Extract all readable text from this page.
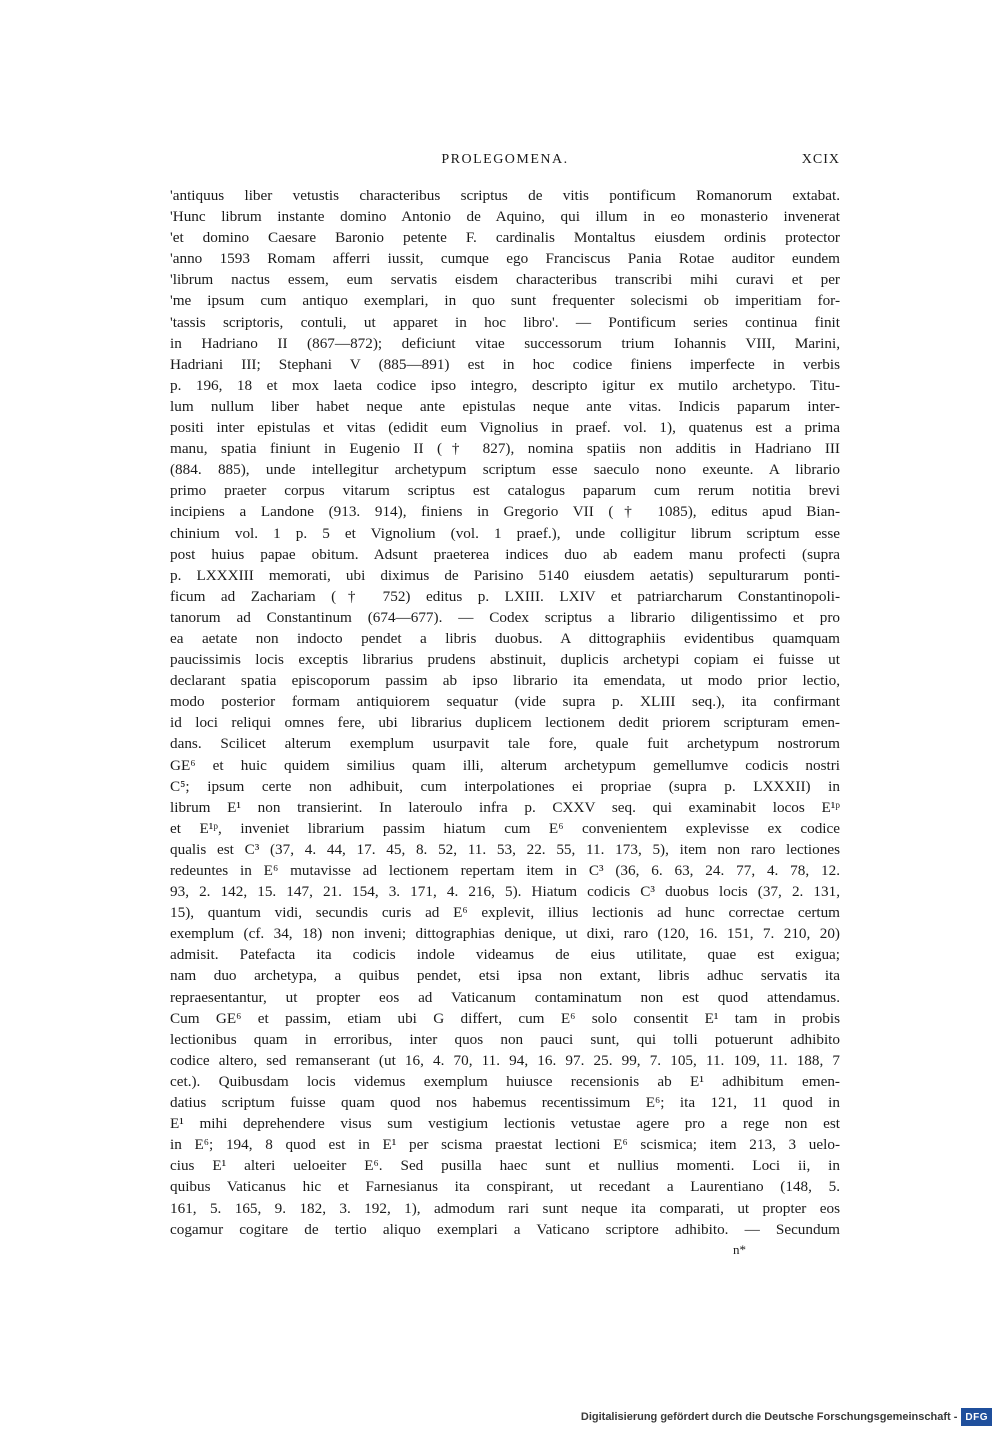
PROLEGOMENA.	XCIX
'antiquus liber vetustis characteribus scriptus de vitis pontificum Romanorum extabat.
'Hunc librum instante domino Antonio de Aquino, qui illum in eo monasterio invenerat
'et domino Caesare Baronio petente F. cardinalis Montaltus eiusdem ordinis protector
'anno 1593 Romam afferri iussit, cumque ego Franciscus Pania Rotae auditor eundem
'librum nactus essem, eum servatis eisdem characteribus transcribi mihi curavi et per
'me ipsum cum antiquo exemplari, in quo sunt frequenter solecismi ob imperitiam for-
'tassis scriptoris, contuli, ut apparet in hoc libro'. — Pontificum series continua finit
in Hadriano II (867—872); deficiunt vitae successorum trium Iohannis VIII, Marini,
Hadriani III; Stephani V (885—891) est in hoc codice finiens imperfecte in verbis
p. 196, 18 et mox laeta codice ipso integro, descripto igitur ex mutilo archetypo. Titu-
lum nullum liber habet neque ante epistulas neque ante vitas. Indicis paparum inter-
positi inter epistulas et vitas (edidit eum Vignolius in praef. vol. 1), quatenus est a prima
manu, spatia finiunt in Eugenio II († 827), nomina spatiis non additis in Hadriano III
(884. 885), unde intellegitur archetypum scriptum esse saeculo nono exeunte. A librario
primo praeter corpus vitarum scriptus est catalogus paparum cum rerum notitia brevi
incipiens a Landone (913. 914), finiens in Gregorio VII († 1085), editus apud Bian-
chinium vol. 1 p. 5 et Vignolium (vol. 1 praef.), unde colligitur librum scriptum esse
post huius papae obitum. Adsunt praeterea indices duo ab eadem manu profecti (supra
p. LXXXIII memorati, ubi diximus de Parisino 5140 eiusdem aetatis) sepulturarum ponti-
ficum ad Zachariam († 752) editus p. LXIII. LXIV et patriarcharum Constantinopoli-
tanorum ad Constantinum (674—677). — Codex scriptus a librario diligentissimo et pro
ea aetate non indocto pendet a libris duobus. A dittographiis evidentibus quamquam
paucissimis locis exceptis librarius prudens abstinuit, duplicis archetypi copiam ei fuisse ut
declarant spatia episcoporum passim ab ipso librario ita emendata, ut modo prior lectio,
modo posterior formam antiquiorem sequatur (vide supra p. XLIII seq.), ita confirmant
id loci reliqui omnes fere, ubi librarius duplicem lectionem dedit priorem scripturam emen-
dans. Scilicet alterum exemplum usurpavit tale fore, quale fuit archetypum nostrorum
GE⁶ et huic quidem similius quam illi, alterum archetypum gemellumve codicis nostri
C⁵; ipsum certe non adhibuit, cum interpolationes ei propriae (supra p. LXXXII) in
librum E¹ non transierint. In lateroulo infra p. CXXV seq. qui examinabit locos E¹ᵖ
et E¹ᵖ, inveniet librarium passim hiatum cum E⁶ convenientem explevisse ex codice
qualis est C³ (37, 4. 44, 17. 45, 8. 52, 11. 53, 22. 55, 11. 173, 5), item non raro lectiones
redeuntes in E⁶ mutavisse ad lectionem repertam item in C³ (36, 6. 63, 24. 77, 4. 78, 12.
93, 2. 142, 15. 147, 21. 154, 3. 171, 4. 216, 5). Hiatum codicis C³ duobus locis (37, 2. 131,
15), quantum vidi, secundis curis ad E⁶ explevit, illius lectionis ad hunc correctae certum
exemplum (cf. 34, 18) non inveni; dittographias denique, ut dixi, raro (120, 16. 151, 7. 210, 20)
admisit. Patefacta ita codicis indole videamus de eius utilitate, quae est exigua;
nam duo archetypa, a quibus pendet, etsi ipsa non extant, libris adhuc servatis ita
repraesentantur, ut propter eos ad Vaticanum contaminatum non est quod attendamus.
Cum GE⁶ et passim, etiam ubi G differt, cum E⁶ solo consentit E¹ tam in probis
lectionibus quam in erroribus, inter quos non pauci sunt, qui tolli potuerunt adhibito
codice altero, sed remanserant (ut 16, 4. 70, 11. 94, 16. 97. 25. 99, 7. 105, 11. 109, 11. 188, 7
cet.). Quibusdam locis videmus exemplum huiusce recensionis ab E¹ adhibitum emen-
datius scriptum fuisse quam quod nos habemus recentissimum E⁶; ita 121, 11 quod in
E¹ mihi deprehendere visus sum vestigium lectionis vetustae agere pro a rege non est
in E⁶; 194, 8 quod est in E¹ per scisma praestat lectioni E⁶ scismica; item 213, 3 uelo-
cius E¹ alteri ueloeiter E⁶. Sed pusilla haec sunt et nullius momenti. Loci ii, in
quibus Vaticanus hic et Farnesianus ita conspirant, ut recedant a Laurentiano (148, 5.
161, 5. 165, 9. 182, 3. 192, 1), admodum rari sunt neque ita comparati, ut propter eos
cogamur cogitare de tertio aliquo exemplari a Vaticano scriptore adhibito. — Secundum
n*
Digitalisierung gefördert durch die Deutsche Forschungsgemeinschaft - DFG
